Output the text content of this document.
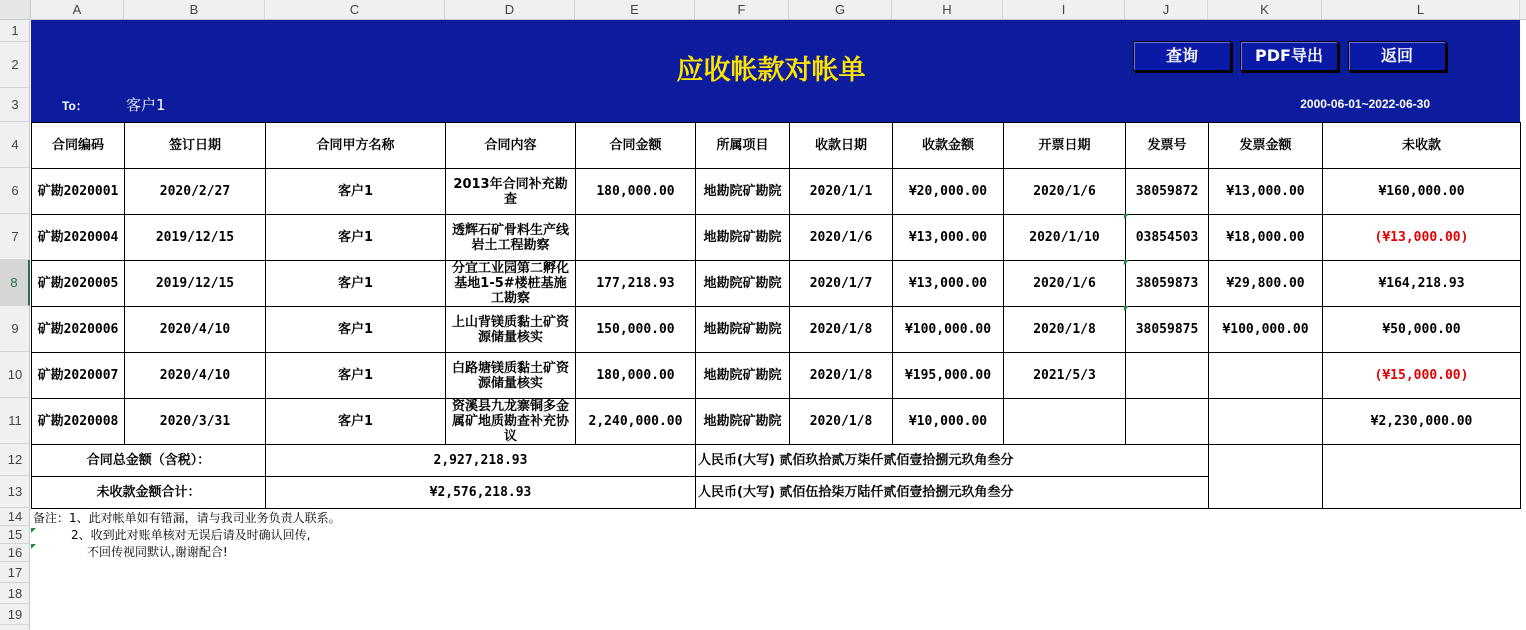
A	B	C	D	E	F	G	H	I	J	K	L
1
2
3
4
6
7
8
9
10
11
12
13
14
15
16
17
18
19
应收帐款对帐单	查询	PDF导出	返回
To：	客户1	2000-06-01~2022-06-30
合同编码	签订日期	合同甲方名称	合同内容	合同金额	所属项目	收款日期	收款金额	开票日期	发票号	发票金额	未收款
矿勘2020001	2020/2/27	客户1	2013年合同补充勘查	180,000.00	地勘院矿勘院	2020/1/1	¥20,000.00	2020/1/6	38059872	¥13,000.00	¥160,000.00
矿勘2020004	2019/12/15	客户1	透辉石矿骨料生产线岩土工程勘察		地勘院矿勘院	2020/1/6	¥13,000.00	2020/1/10	03854503	¥18,000.00	(¥13,000.00)
矿勘2020005	2019/12/15	客户1	分宜工业园第二孵化基地1-5#楼桩基施工勘察	177,218.93	地勘院矿勘院	2020/1/7	¥13,000.00	2020/1/6	38059873	¥29,800.00	¥164,218.93
矿勘2020006	2020/4/10	客户1	上山背镁质黏土矿资源储量核实	150,000.00	地勘院矿勘院	2020/1/8	¥100,000.00	2020/1/8	38059875	¥100,000.00	¥50,000.00
矿勘2020007	2020/4/10	客户1	白路塘镁质黏土矿资源储量核实	180,000.00	地勘院矿勘院	2020/1/8	¥195,000.00	2021/5/3			(¥15,000.00)
矿勘2020008	2020/3/31	客户1	资溪县九龙寨铜多金属矿地质勘查补充协议	2,240,000.00	地勘院矿勘院	2020/1/8	¥10,000.00				¥2,230,000.00
合同总金额（含税）：		2,927,218.93			人民币(大写) 贰佰玖拾贰万柒仟贰佰壹拾捌元玖角叁分						
未收款金额合计：		¥2,576,218.93			人民币(大写) 贰佰伍拾柒万陆仟贰佰壹拾捌元玖角叁分						
备注：1、此对帐单如有错漏，请与我司业务负责人联系。
2、收到此对账单核对无误后请及时确认回传,
不回传视同默认,谢谢配合!
